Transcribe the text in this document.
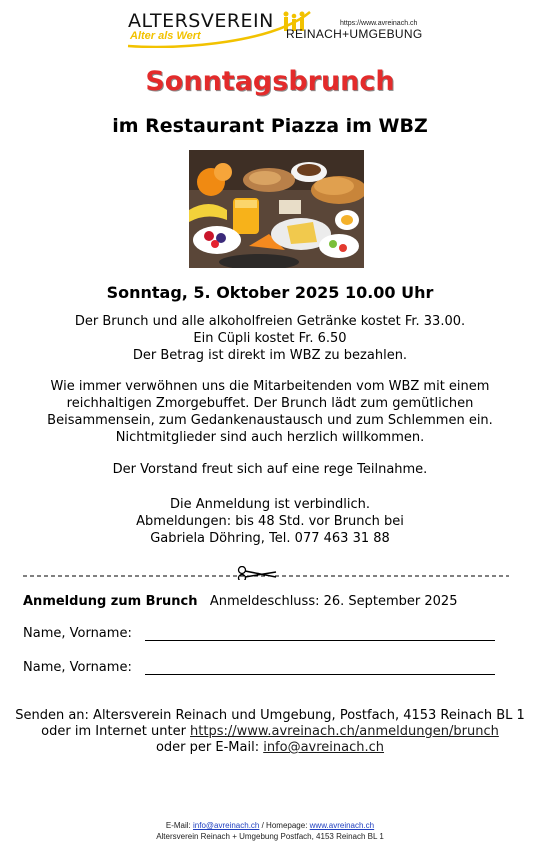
ALTERSVEREIN
Alter als Wert
https://www.avreinach.ch
REINACH+UMGEBUNG
Sonntagsbrunch
im Restaurant Piazza im WBZ
Sonntag, 5. Oktober 2025 10.00 Uhr
Der Brunch und alle alkoholfreien Getränke kostet Fr. 33.00.
Ein Cüpli kostet Fr. 6.50
Der Betrag ist direkt im WBZ zu bezahlen.
Wie immer verwöhnen uns die Mitarbeitenden vom WBZ mit einem
reichhaltigen Zmorgebuffet. Der Brunch lädt zum gemütlichen
Beisammensein, zum Gedankenaustausch und zum Schlemmen ein.
Nichtmitglieder sind auch herzlich willkommen.
Der Vorstand freut sich auf eine rege Teilnahme.
Die Anmeldung ist verbindlich.
Abmeldungen: bis 48 Std. vor Brunch bei
Gabriela Döhring, Tel. 077 463 31 88
Anmeldung zum Brunch Anmeldeschluss: 26. September 2025
Name, Vorname:
Name, Vorname:
Senden an: Altersverein Reinach und Umgebung, Postfach, 4153 Reinach BL 1
oder im Internet unter https://www.avreinach.ch/anmeldungen/brunch
oder per E-Mail: info@avreinach.ch
E-Mail: info@avreinach.ch / Homepage: www.avreinach.ch
Altersverein Reinach + Umgebung Postfach, 4153 Reinach BL 1
